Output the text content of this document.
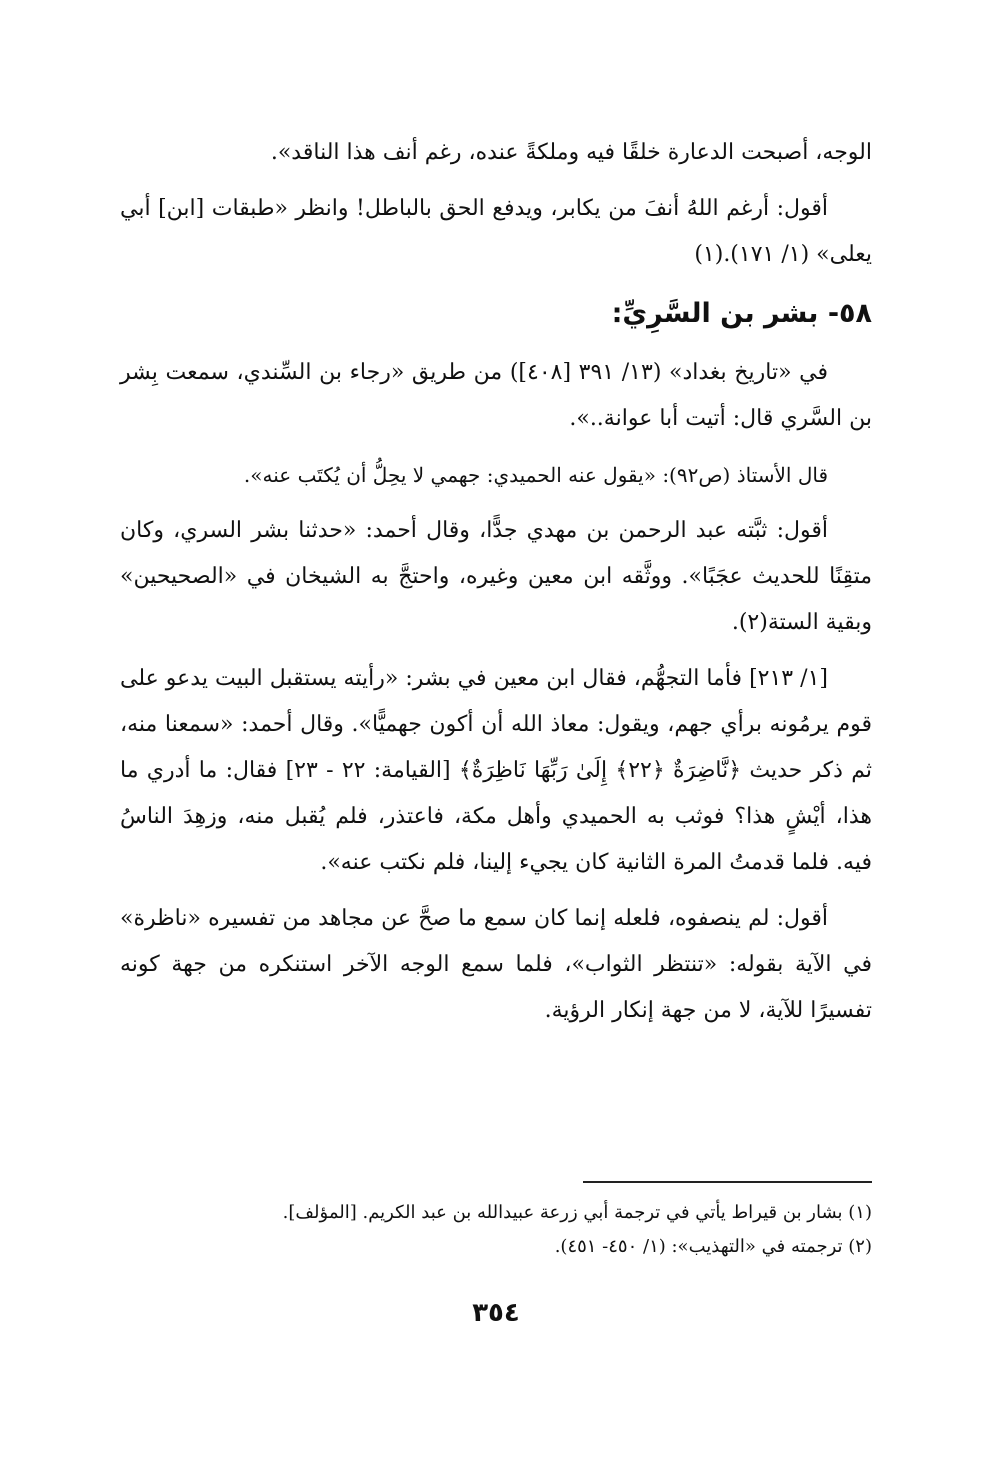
الوجه، أصبحت الدعارة خلقًا فيه وملكةً عنده، رغم أنف هذا الناقد».

أقول: أرغم اللهُ أنفَ من يكابر، ويدفع الحق بالباطل! وانظر «طبقات [ابن] أبي يعلى» (١/ ١٧١).(١)

٥٨- بشر بن السَّرِيِّ:

في «تاريخ بغداد» (١٣/ ٣٩١ [٤٠٨]) من طريق «رجاء بن السِّندي، سمعت بِشر بن السَّري قال: أتيت أبا عوانة..».

قال الأستاذ (ص٩٢): «يقول عنه الحميدي: جهمي لا يحِلُّ أن يُكتَب عنه».

أقول: ثبَّته عبد الرحمن بن مهدي جدًّا، وقال أحمد: «حدثنا بشر السري، وكان متقِنًا للحديث عجَبًا». ووثَّقه ابن معين وغيره، واحتجَّ به الشيخان في «الصحيحين» وبقية الستة(٢).

[١/ ٢١٣] فأما التجهُّم، فقال ابن معين في بشر: «رأيته يستقبل البيت يدعو على قوم يرمُونه برأي جهم، ويقول: معاذ الله أن أكون جهميًّا». وقال أحمد: «سمعنا منه، ثم ذكر حديث ﴿نَّاضِرَةٌ ﴿٢٢﴾ إِلَىٰ رَبِّهَا نَاظِرَةٌ﴾ [القيامة: ٢٢ - ٢٣] فقال: ما أدري ما هذا، أيْشٍ هذا؟ فوثب به الحميدي وأهل مكة، فاعتذر، فلم يُقبل منه، وزهِدَ الناسُ فيه. فلما قدمتُ المرة الثانية كان يجيء إلينا، فلم نكتب عنه».

أقول: لم ينصفوه، فلعله إنما كان سمع ما صحَّ عن مجاهد من تفسيره «ناظرة» في الآية بقوله: «تنتظر الثواب»، فلما سمع الوجه الآخر استنكره من جهة كونه تفسيرًا للآية، لا من جهة إنكار الرؤية.

(١) بشار بن قيراط يأتي في ترجمة أبي زرعة عبيدالله بن عبد الكريم. [المؤلف].

(٢) ترجمته في «التهذيب»: (١/ ٤٥٠- ٤٥١).

٣٥٤
